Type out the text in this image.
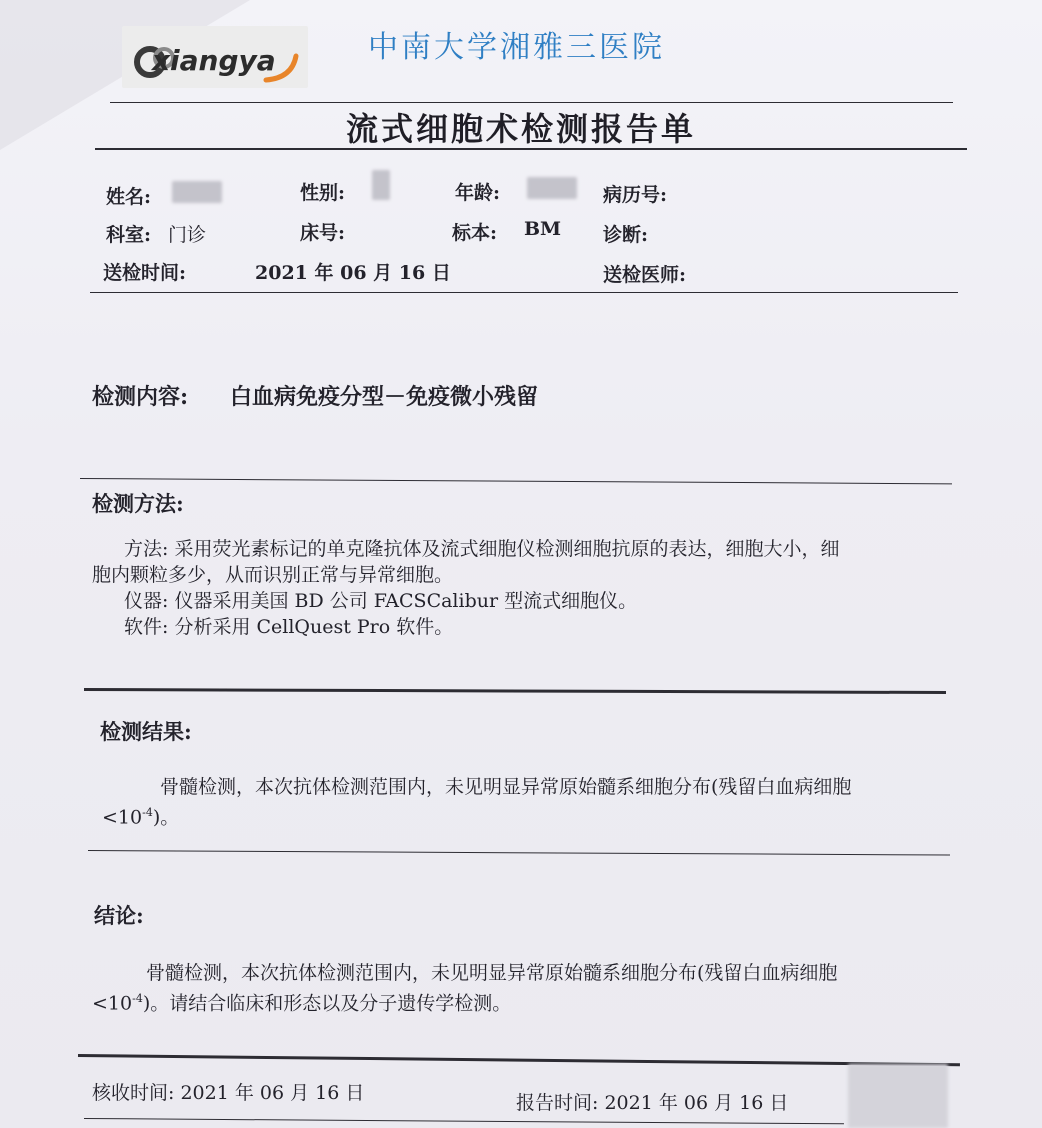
xiangya	中南大学湘雅三医院
流式细胞术检测报告单
姓名:	性别:	年龄:	病历号:
科室: 门诊	床号:	标本: BM 诊断:
送检时间:	2021 年 06 月 16 日	送检医师:
检测内容: 白血病免疫分型－免疫微小残留
检测方法:
方法: 采用荧光素标记的单克隆抗体及流式细胞仪检测细胞抗原的表达，细胞大小，细
胞内颗粒多少，从而识别正常与异常细胞。
仪器: 仪器采用美国 BD 公司 FACSCalibur 型流式细胞仪。
软件: 分析采用 CellQuest Pro 软件。
检测结果:
骨髓检测，本次抗体检测范围内，未见明显异常原始髓系细胞分布(残留白血病细胞
$<10^{-4}$)。
结论:
骨髓检测，本次抗体检测范围内，未见明显异常原始髓系细胞分布(残留白血病细胞
$<10^{-4}$)。请结合临床和形态以及分子遗传学检测。
核收时间: 2021 年 06 月 16 日	报告时间: 2021 年 06 月 16 日
